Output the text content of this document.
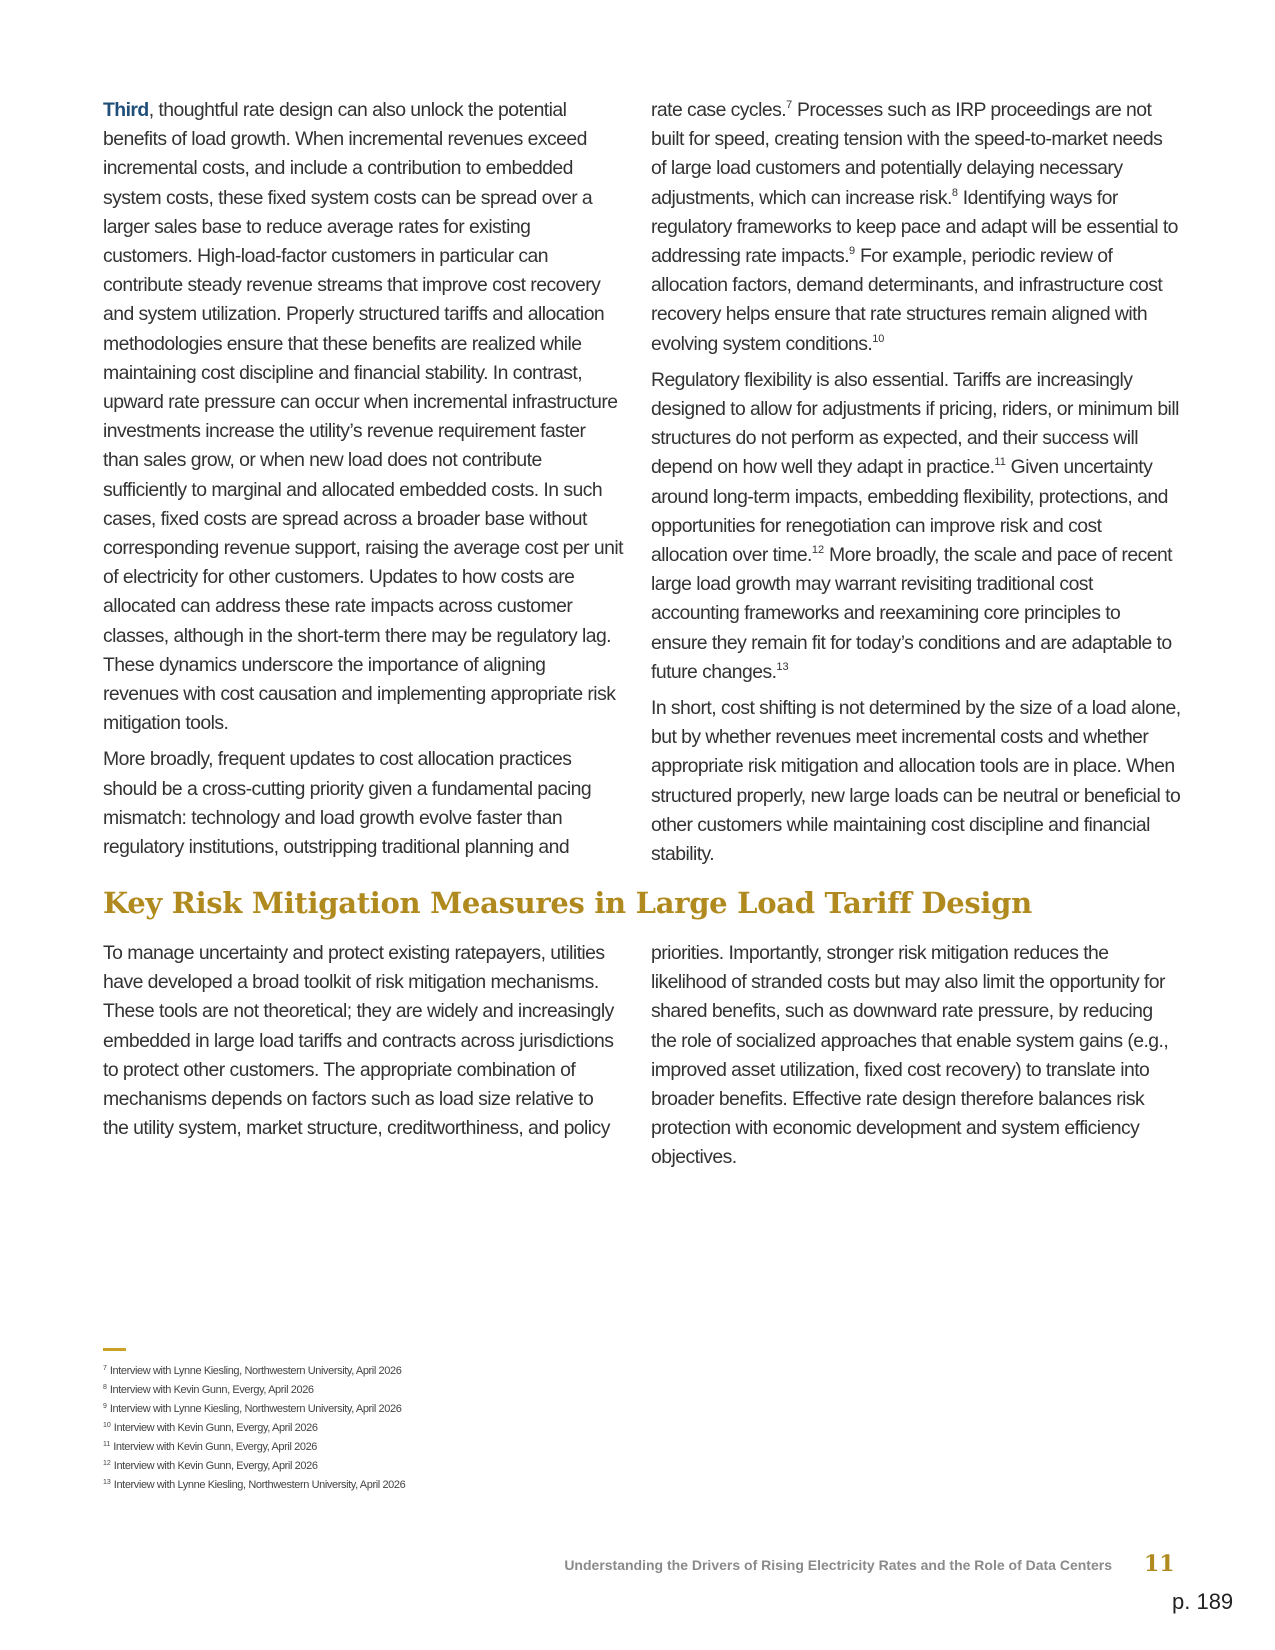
Third, thoughtful rate design can also unlock the potential benefits of load growth. When incremental revenues exceed incremental costs, and include a contribution to embedded system costs, these fixed system costs can be spread over a larger sales base to reduce average rates for existing customers. High-load-factor customers in particular can contribute steady revenue streams that improve cost recovery and system utilization. Properly structured tariffs and allocation methodologies ensure that these benefits are realized while maintaining cost discipline and financial stability. In contrast, upward rate pressure can occur when incremental infrastructure investments increase the utility’s revenue requirement faster than sales grow, or when new load does not contribute sufficiently to marginal and allocated embedded costs. In such cases, fixed costs are spread across a broader base without corresponding revenue support, raising the average cost per unit of electricity for other customers. Updates to how costs are allocated can address these rate impacts across customer classes, although in the short-term there may be regulatory lag. These dynamics underscore the importance of aligning revenues with cost causation and implementing appropriate risk mitigation tools.

More broadly, frequent updates to cost allocation practices should be a cross-cutting priority given a fundamental pacing mismatch: technology and load growth evolve faster than regulatory institutions, outstripping traditional planning and

rate case cycles.$^7$ Processes such as IRP proceedings are not built for speed, creating tension with the speed-to-market needs of large load customers and potentially delaying necessary adjustments, which can increase risk.$^8$ Identifying ways for regulatory frameworks to keep pace and adapt will be essential to addressing rate impacts.$^9$ For example, periodic review of allocation factors, demand determinants, and infrastructure cost recovery helps ensure that rate structures remain aligned with evolving system conditions.$^{10}$

Regulatory flexibility is also essential. Tariffs are increasingly designed to allow for adjustments if pricing, riders, or minimum bill structures do not perform as expected, and their success will depend on how well they adapt in practice.$^{11}$ Given uncertainty around long-term impacts, embedding flexibility, protections, and opportunities for renegotiation can improve risk and cost allocation over time.$^{12}$ More broadly, the scale and pace of recent large load growth may warrant revisiting traditional cost accounting frameworks and reexamining core principles to ensure they remain fit for today’s conditions and are adaptable to future changes.$^{13}$

In short, cost shifting is not determined by the size of a load alone, but by whether revenues meet incremental costs and whether appropriate risk mitigation and allocation tools are in place. When structured properly, new large loads can be neutral or beneficial to other customers while maintaining cost discipline and financial stability.

Key Risk Mitigation Measures in Large Load Tariff Design

To manage uncertainty and protect existing ratepayers, utilities have developed a broad toolkit of risk mitigation mechanisms. These tools are not theoretical; they are widely and increasingly embedded in large load tariffs and contracts across jurisdictions to protect other customers. The appropriate combination of mechanisms depends on factors such as load size relative to the utility system, market structure, creditworthiness, and policy

priorities. Importantly, stronger risk mitigation reduces the likelihood of stranded costs but may also limit the opportunity for shared benefits, such as downward rate pressure, by reducing the role of socialized approaches that enable system gains (e.g., improved asset utilization, fixed cost recovery) to translate into broader benefits. Effective rate design therefore balances risk protection with economic development and system efficiency objectives.

$^7$ Interview with Lynne Kiesling, Northwestern University, April 2026
$^8$ Interview with Kevin Gunn, Evergy, April 2026
$^9$ Interview with Lynne Kiesling, Northwestern University, April 2026
$^{10}$ Interview with Kevin Gunn, Evergy, April 2026
$^{11}$ Interview with Kevin Gunn, Evergy, April 2026
$^{12}$ Interview with Kevin Gunn, Evergy, April 2026
$^{13}$ Interview with Lynne Kiesling, Northwestern University, April 2026
Understanding the Drivers of Rising Electricity Rates and the Role of Data Centers 11
p. 189
